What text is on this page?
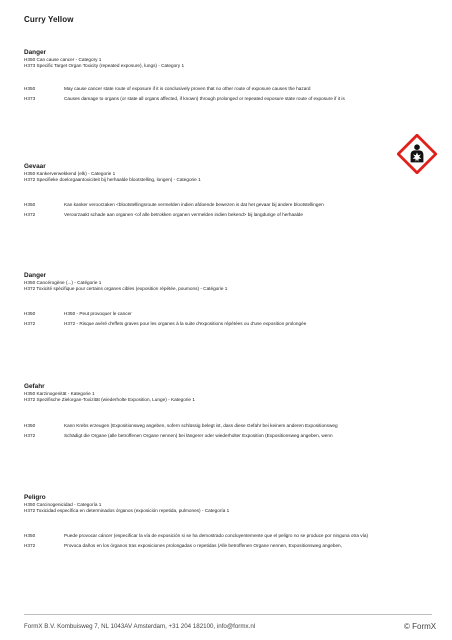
Curry Yellow
Danger
H350 Can cause cancer - Category 1
H373 Specific Target Organ Toxicity (repeated exposure), lungs) - Category 1
H350	May cause cancer state route of exposure if it is conclusively proven that no other route of exposure causes the hazard
H373	Causes damage to organs (or state all organs affected, if known) through prolonged or repeated exposure state route of exposure if it is
Gevaar
H350 Kankerverwekkend (elk) - Categorie 1
H372 Specifieke doelorgaantoxiciteit bij herhaalde blootstelling, longen) - Categorie 1
H350	Kan kanker veroorzaken <blootstellingsroute vermelden indien afdoende bewezen is dat het gevaar bij andere blootstellingen
H372	Veroorzaakt schade aan organen <of alle betrokken organen vermelden indien bekend> bij langdurige of herhaalde
Danger
H350 Cancérogène (...) - Catégorie 1
H372 Toxicité spécifique pour certains organes cibles (exposition répétée, poumons) - Catégorie 1
H350	H350 - Peut provoquer le cancer
H372	H372 - Risque avéré d'effets graves pour les organes à la suite d'expositions répétées ou d'une exposition prolongée
Gefahr
H350 Karzinogenität - Kategorie 1
H372 Spezifische Zielorgan-Toxizität (wiederholte Exposition, Lunge) - Kategorie 1
H350	Kann Krebs erzeugen (Expositionsweg angeben, sofern schlüssig belegt ist, dass diese Gefahr bei keinem anderen Expositionsweg
H372	Schädigt die Organe (alle betroffenen Organe nennen) bei längerer oder wiederholter Exposition (Expositionsweg angeben, wenn
Peligro
H350 Carcinogenicidad - Categoría 1
H372 Toxicidad específica en determinados órganos (exposición repetida, pulmones) - Categoría 1
H350	Puede provocar cáncer (especificar la vía de exposición si se ha demostrado concluyentemente que el peligro no se produce por ninguna otra vía)
H372	Provoca daños en los órganos tras exposiciones prolongadas o repetidas (Alle betroffenen Organe nennen, Expositionsweg angeben,
FormX B.V. Kombuisweg 7, NL 1043AV Amsterdam, +31 204 182100, info@formx.nl	© FormX
